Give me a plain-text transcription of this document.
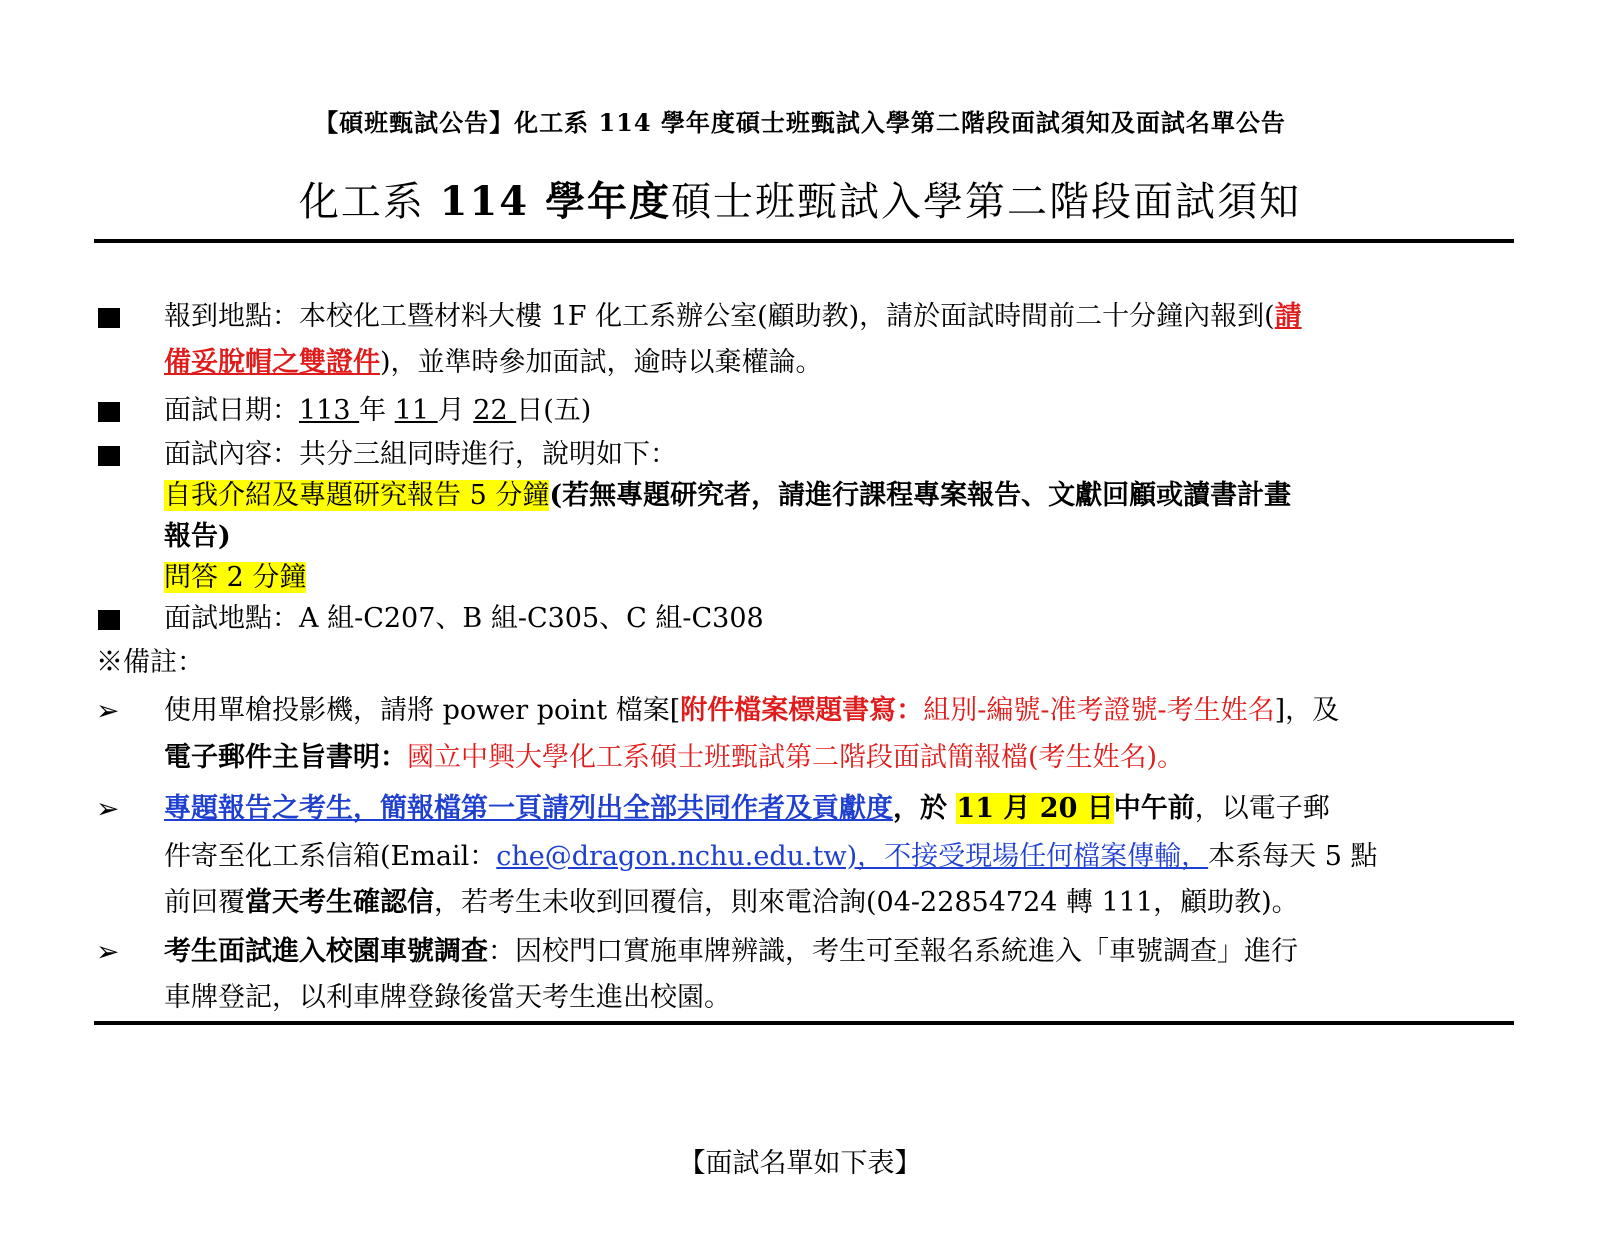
【碩班甄試公告】化工系 114 學年度碩士班甄試入學第二階段面試須知及面試名單公告
化工系 114 學年度碩士班甄試入學第二階段面試須知
報到地點：本校化工暨材料大樓 1F 化工系辦公室(顧助教)，請於面試時間前二十分鐘內報到(請
備妥脫帽之雙證件)，並準時參加面試，逾時以棄權論。
面試日期：113 年 11 月 22 日(五)
面試內容：共分三組同時進行，說明如下：
自我介紹及專題研究報告 5 分鐘(若無專題研究者，請進行課程專案報告、文獻回顧或讀書計畫
報告)
問答 2 分鐘
面試地點：A 組-C207、B 組-C305、C 組-C308
※備註：
➢ 使用單槍投影機，請將 power point 檔案[附件檔案標題書寫：組別-編號-准考證號-考生姓名]，及
電子郵件主旨書明：國立中興大學化工系碩士班甄試第二階段面試簡報檔(考生姓名)。
➢ 專題報告之考生，簡報檔第一頁請列出全部共同作者及貢獻度，於 11 月 20 日中午前，以電子郵
件寄至化工系信箱(Email：che@dragon.nchu.edu.tw)，不接受現場任何檔案傳輸，本系每天 5 點
前回覆當天考生確認信，若考生未收到回覆信，則來電洽詢(04-22854724 轉 111，顧助教)。
➢ 考生面試進入校園車號調查：因校門口實施車牌辨識，考生可至報名系統進入「車號調查」進行
車牌登記，以利車牌登錄後當天考生進出校園。
【面試名單如下表】
